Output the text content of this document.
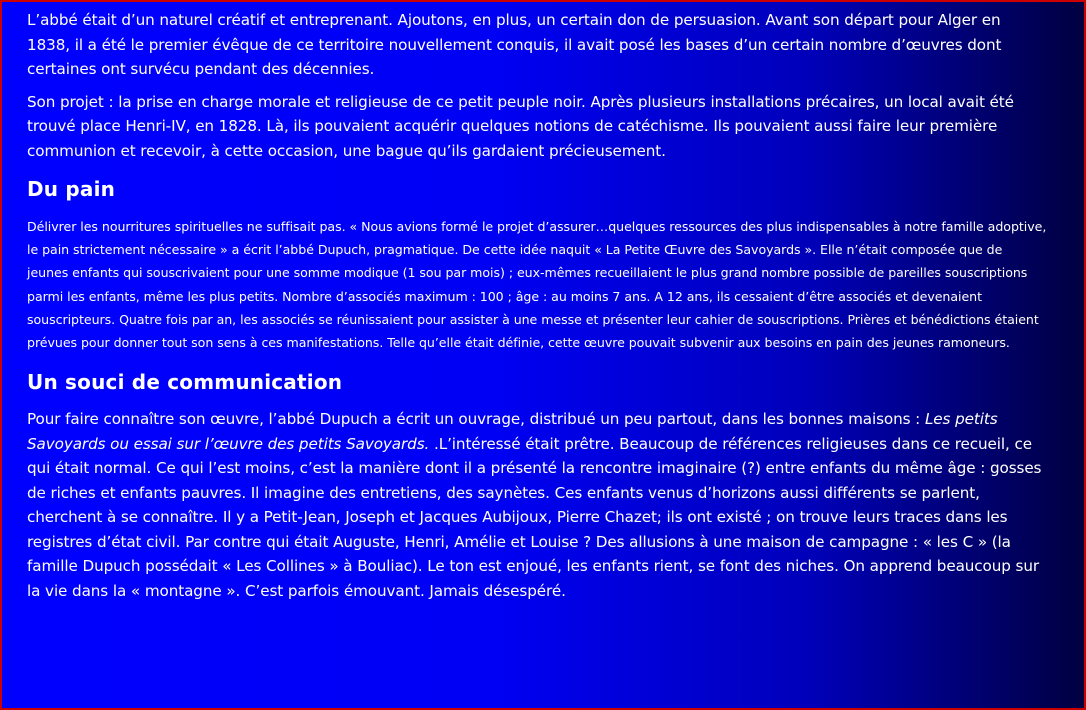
L’abbé était d’un naturel créatif et entreprenant. Ajoutons, en plus, un certain don de persuasion. Avant son départ pour Alger en 1838, il a été le premier évêque de ce territoire nouvellement conquis, il avait posé les bases d’un certain nombre d’œuvres dont certaines ont survécu pendant des décennies.

Son projet : la prise en charge morale et religieuse de ce petit peuple noir. Après plusieurs installations précaires, un local avait été trouvé place Henri-IV, en 1828. Là, ils pouvaient acquérir quelques notions de catéchisme. Ils pouvaient aussi faire leur première communion et recevoir, à cette occasion, une bague qu’ils gardaient précieusement.

Du pain

Délivrer les nourritures spirituelles ne suffisait pas. « Nous avions formé le projet d’assurer…quelques ressources des plus indispensables à notre famille adoptive, le pain strictement nécessaire » a écrit l’abbé Dupuch, pragmatique. De cette idée naquit « La Petite Œuvre des Savoyards ». Elle n’était composée que de jeunes enfants qui souscrivaient pour une somme modique (1 sou par mois) ; eux-mêmes recueillaient le plus grand nombre possible de pareilles souscriptions parmi les enfants, même les plus petits. Nombre d’associés maximum : 100 ; âge : au moins 7 ans. A 12 ans, ils cessaient d’être associés et devenaient souscripteurs. Quatre fois par an, les associés se réunissaient pour assister à une messe et présenter leur cahier de souscriptions. Prières et bénédictions étaient prévues pour donner tout son sens à ces manifestations. Telle qu’elle était définie, cette œuvre pouvait subvenir aux besoins en pain des jeunes ramoneurs.

Un souci de communication

Pour faire connaître son œuvre, l’abbé Dupuch a écrit un ouvrage, distribué un peu partout, dans les bonnes maisons : Les petits Savoyards ou essai sur l’œuvre des petits Savoyards. .L’intéressé était prêtre. Beaucoup de références religieuses dans ce recueil, ce qui était normal. Ce qui l’est moins, c’est la manière dont il a présenté la rencontre imaginaire (?) entre enfants du même âge : gosses de riches et enfants pauvres. Il imagine des entretiens, des saynètes. Ces enfants venus d’horizons aussi différents se parlent, cherchent à se connaître. Il y a Petit-Jean, Joseph et Jacques Aubijoux, Pierre Chazet; ils ont existé ; on trouve leurs traces dans les registres d’état civil. Par contre qui était Auguste, Henri, Amélie et Louise ? Des allusions à une maison de campagne : « les C » (la famille Dupuch possédait « Les Collines » à Bouliac). Le ton est enjoué, les enfants rient, se font des niches. On apprend beaucoup sur la vie dans la « montagne ». C’est parfois émouvant. Jamais désespéré.
